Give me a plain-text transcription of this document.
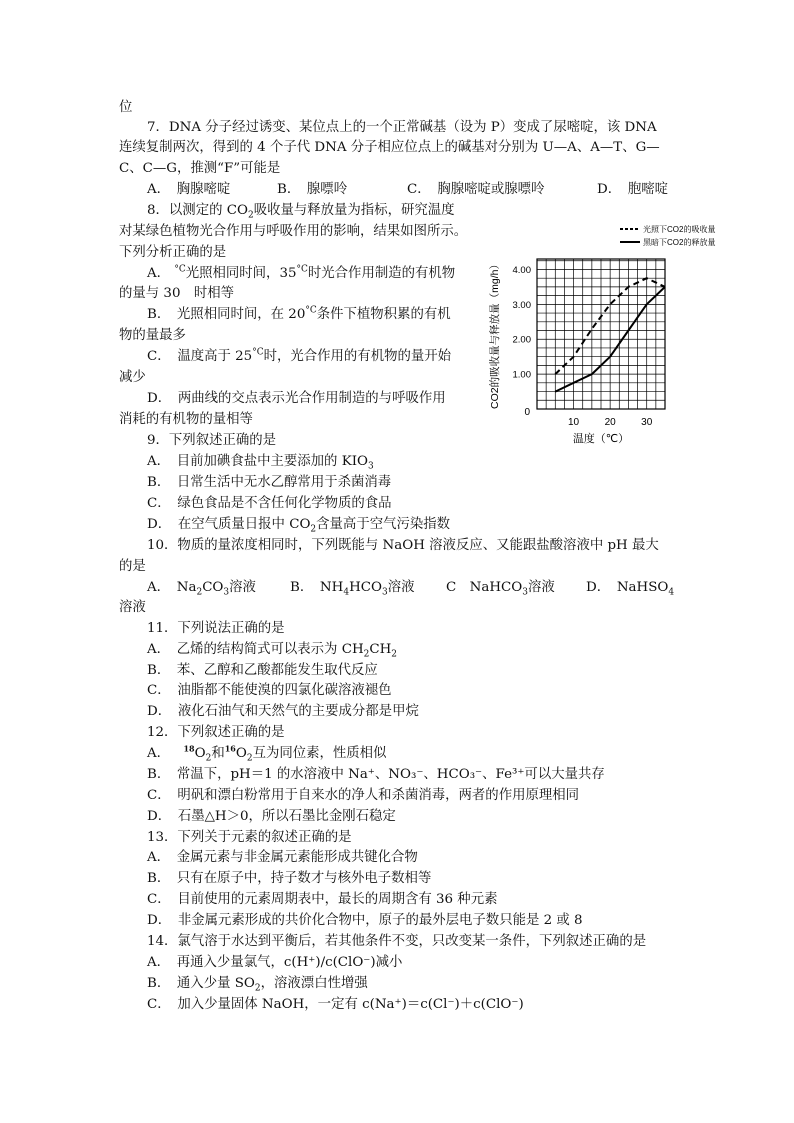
位
7．DNA 分子经过诱变、某位点上的一个正常碱基（设为 P）变成了尿嘧啶，该 DNA
连续复制两次，得到的 4 个子代 DNA 分子相应位点上的碱基对分别为 U—A、A—T、G—
C、C—G，推测“F”可能是
A．　胸腺嘧啶	B．　腺嘌呤	C．　胸腺嘧啶或腺嘌呤	D．　胞嘧啶
8．以测定的 $CO_2$吸收量与释放量为指标，研究温度
对某绿色植物光合作用与呼吸作用的影响，结果如图所示。
下列分析正确的是
A． $^{^\circ C}$光照相同时间，$35^{^\circ C}$时光合作用制造的有机物
的量与 30　时相等
B．　光照相同时间，在 $20^{^\circ C}$条件下植物积累的有机
物的量最多
C．　温度高于 $25^{^\circ C}$时，光合作用的有机物的量开始
减少
D．　两曲线的交点表示光合作用制造的与呼吸作用
消耗的有机物的量相等
1.00
2.00
3.00
4.00
10	20	30
0
CO2的吸收量与释放量（mg/h）
温度（℃）
光照下CO2的吸收量
黑暗下CO2的释放量
9．下列叙述正确的是
A．　目前加碘食盐中主要添加的 $KIO_3$
B．　日常生活中无水乙醇常用于杀菌消毒
C．　绿色食品是不含任何化学物质的食品
D．　在空气质量日报中 $CO_2$含量高于空气污染指数
10．物质的量浓度相同时，下列既能与 NaOH 溶液反应、又能跟盐酸溶液中 pH 最大
的是
A．　$Na_2CO_3$溶液	B．　$NH_4HCO_3$溶液 C　NaHCO$_3$溶液 D．　NaHSO$_4$
溶液
11．下列说法正确的是
A．　乙烯的结构简式可以表示为 $CH_2CH_2$
B．　苯、乙醇和乙酸都能发生取代反应
C．　油脂都不能使溴的四氯化碳溶液褪色
D．　液化石油气和天然气的主要成分都是甲烷
12．下列叙述正确的是
A．  $^{18}O_2$和$^{16}O_2$互为同位素，性质相似
B．　常温下，pH＝1 的水溶液中 Na⁺、NO₃⁻、HCO₃⁻、Fe³⁺可以大量共存
C．　明矾和漂白粉常用于自来水的净人和杀菌消毒，两者的作用原理相同
D．　石墨△H＞0，所以石墨比金刚石稳定
13．下列关于元素的叙述正确的是
A．　金属元素与非金属元素能形成共键化合物
B．　只有在原子中，持子数才与核外电子数相等
C．　目前使用的元素周期表中，最长的周期含有 36 种元素
D．　非金属元素形成的共价化合物中，原子的最外层电子数只能是 2 或 8
14．氯气溶于水达到平衡后，若其他条件不变，只改变某一条件，下列叙述正确的是
A．　再通入少量氯气，c(H⁺)/c(ClO⁻)减小
B．　通入少量 $SO_2$，溶液漂白性增强
C．　加入少量固体 NaOH，一定有 c(Na⁺)＝c(Cl⁻)＋c(ClO⁻)
